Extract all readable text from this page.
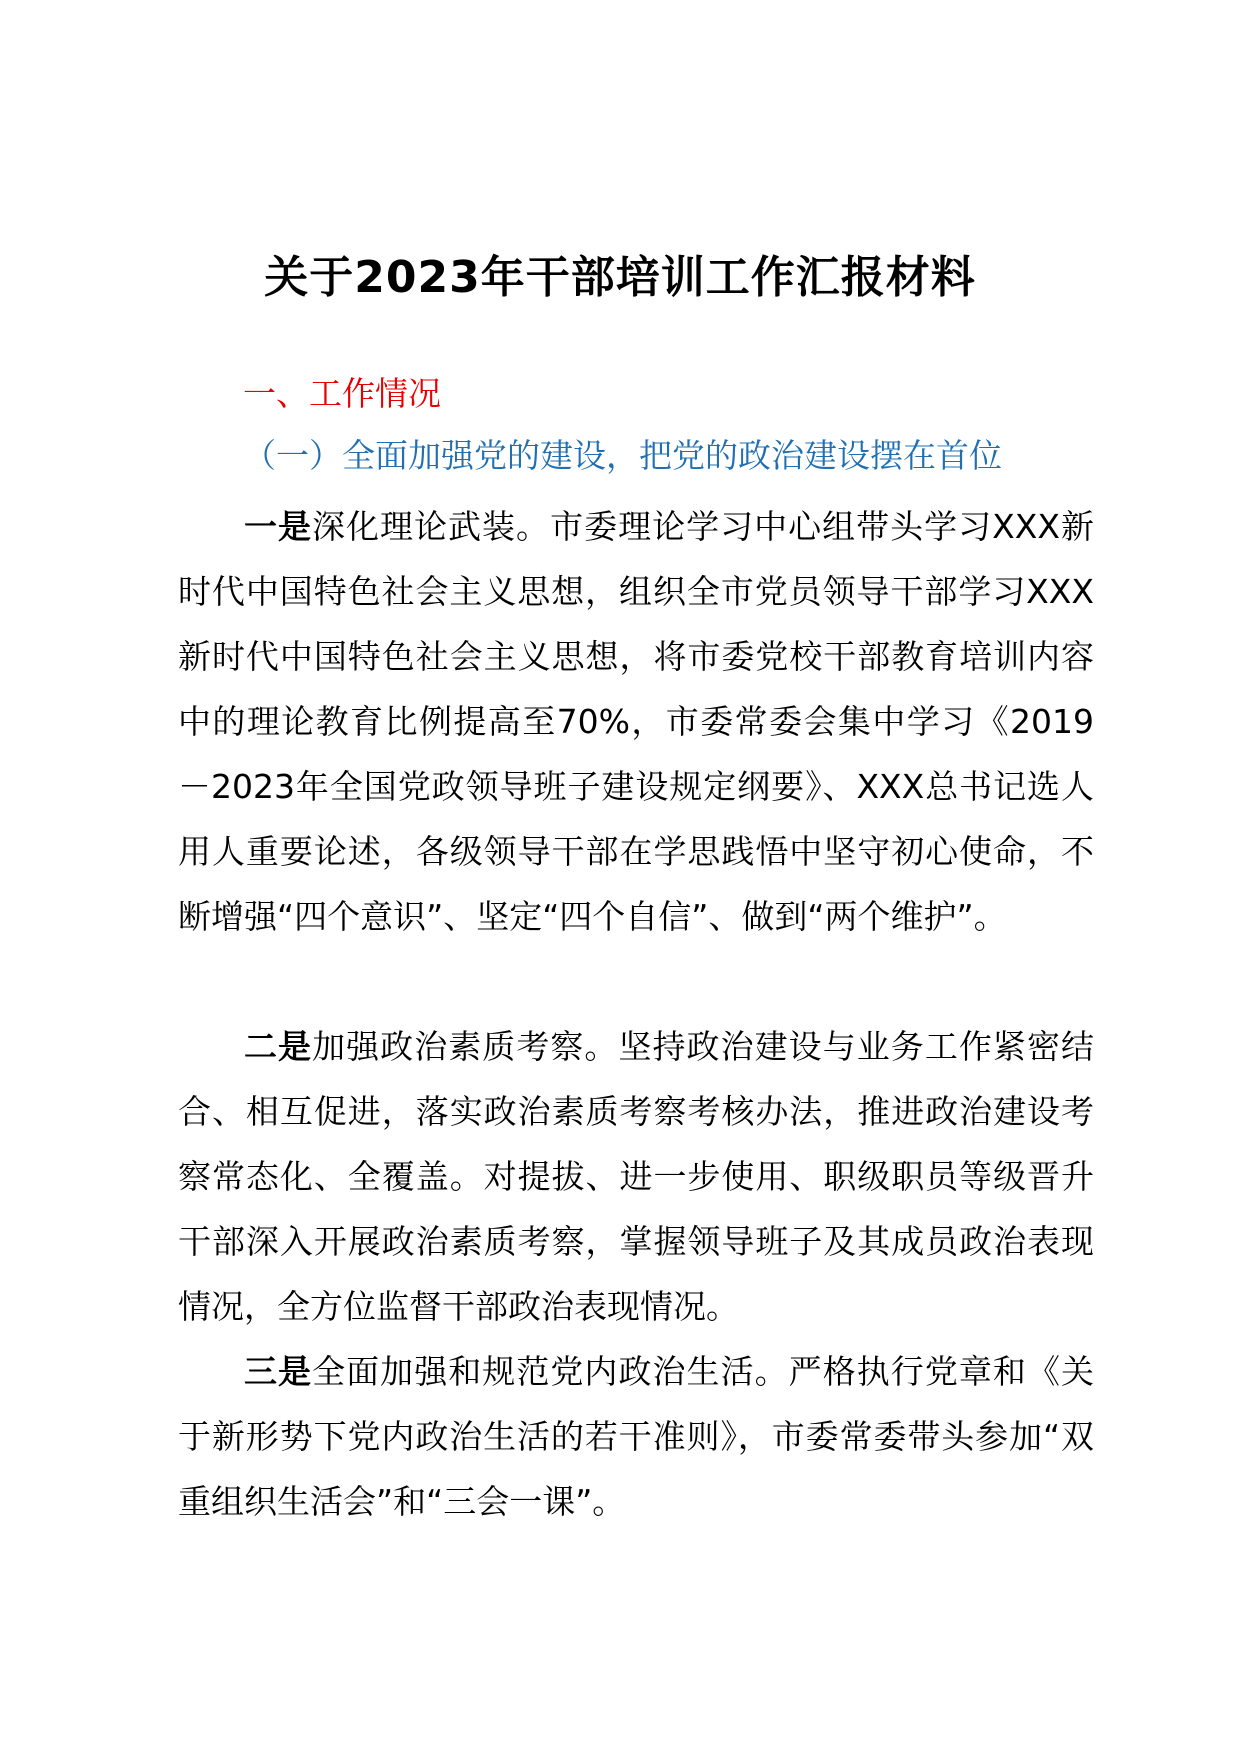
关于2023年干部培训工作汇报材料
一、工作情况
（一）全面加强党的建设，把党的政治建设摆在首位

一是深化理论武装。市委理论学习中心组带头学习XXX新时代中国特色社会主义思想，组织全市党员领导干部学习XXX新时代中国特色社会主义思想，将市委党校干部教育培训内容中的理论教育比例提高至70%，市委常委会集中学习《2019－2023年全国党政领导班子建设规定纲要》、XXX总书记选人用人重要论述，各级领导干部在学思践悟中坚守初心使命，不断增强“四个意识”、坚定“四个自信”、做到“两个维护”。

二是加强政治素质考察。坚持政治建设与业务工作紧密结合、相互促进，落实政治素质考察考核办法，推进政治建设考察常态化、全覆盖。对提拔、进一步使用、职级职员等级晋升干部深入开展政治素质考察，掌握领导班子及其成员政治表现情况，全方位监督干部政治表现情况。

三是全面加强和规范党内政治生活。严格执行党章和《关于新形势下党内政治生活的若干准则》，市委常委带头参加“双重组织生活会”和“三会一课”。
